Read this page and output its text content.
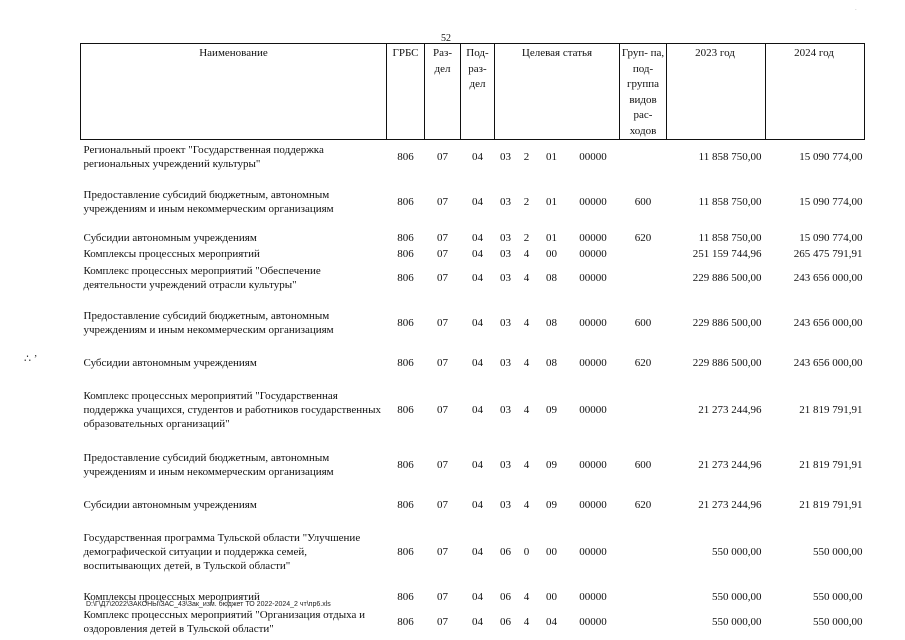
`
52
∴ ’
Наименование	ГРБС	Раз- дел	Под- раз- дел	Целевая статья				Груп- па, под- группа видов рас- ходов	2023 год	2024 год
Региональный проект "Государственная поддержка региональных учреждений культуры"	806	07	04	03	2	01	00000		11 858 750,00	15 090 774,00

Предоставление субсидий бюджетным, автономным учреждениям и иным некоммерческим организациям	806	07	04	03	2	01	00000	600	11 858 750,00	15 090 774,00

Субсидии автономным учреждениям	806	07	04	03	2	01	00000	620	11 858 750,00	15 090 774,00
Комплексы процессных мероприятий	806	07	04	03	4	00	00000		251 159 744,96	265 475 791,91
Комплекс процессных мероприятий "Обеспечение деятельности учреждений отрасли культуры"	806	07	04	03	4	08	00000		229 886 500,00	243 656 000,00

Предоставление субсидий бюджетным, автономным учреждениям и иным некоммерческим организациям	806	07	04	03	4	08	00000	600	229 886 500,00	243 656 000,00

Субсидии автономным учреждениям	806	07	04	03	4	08	00000	620	229 886 500,00	243 656 000,00

Комплекс процессных мероприятий "Государственная поддержка учащихся, студентов и работников государственных образовательных организаций"	806	07	04	03	4	09	00000		21 273 244,96	21 819 791,91

Предоставление субсидий бюджетным, автономным учреждениям и иным некоммерческим организациям	806	07	04	03	4	09	00000	600	21 273 244,96	21 819 791,91

Субсидии автономным учреждениям	806	07	04	03	4	09	00000	620	21 273 244,96	21 819 791,91

Государственная программа Тульской области "Улучшение демографической ситуации и поддержка семей, воспитывающих детей, в Тульской области"	806	07	04	06	0	00	00000		550 000,00	550 000,00

Комплексы процессных мероприятий	806	07	04	06	4	00	00000		550 000,00	550 000,00
Комплекс процессных мероприятий "Организация отдыха и оздоровления детей в Тульской области"	806	07	04	06	4	04	00000		550 000,00	550 000,00
D:\Г\Д7\2022\ЗАКОНЫ\ЗАС_43\Зак_изм. бюджет ТО 2022-2024_2 чт\пр6.xls
